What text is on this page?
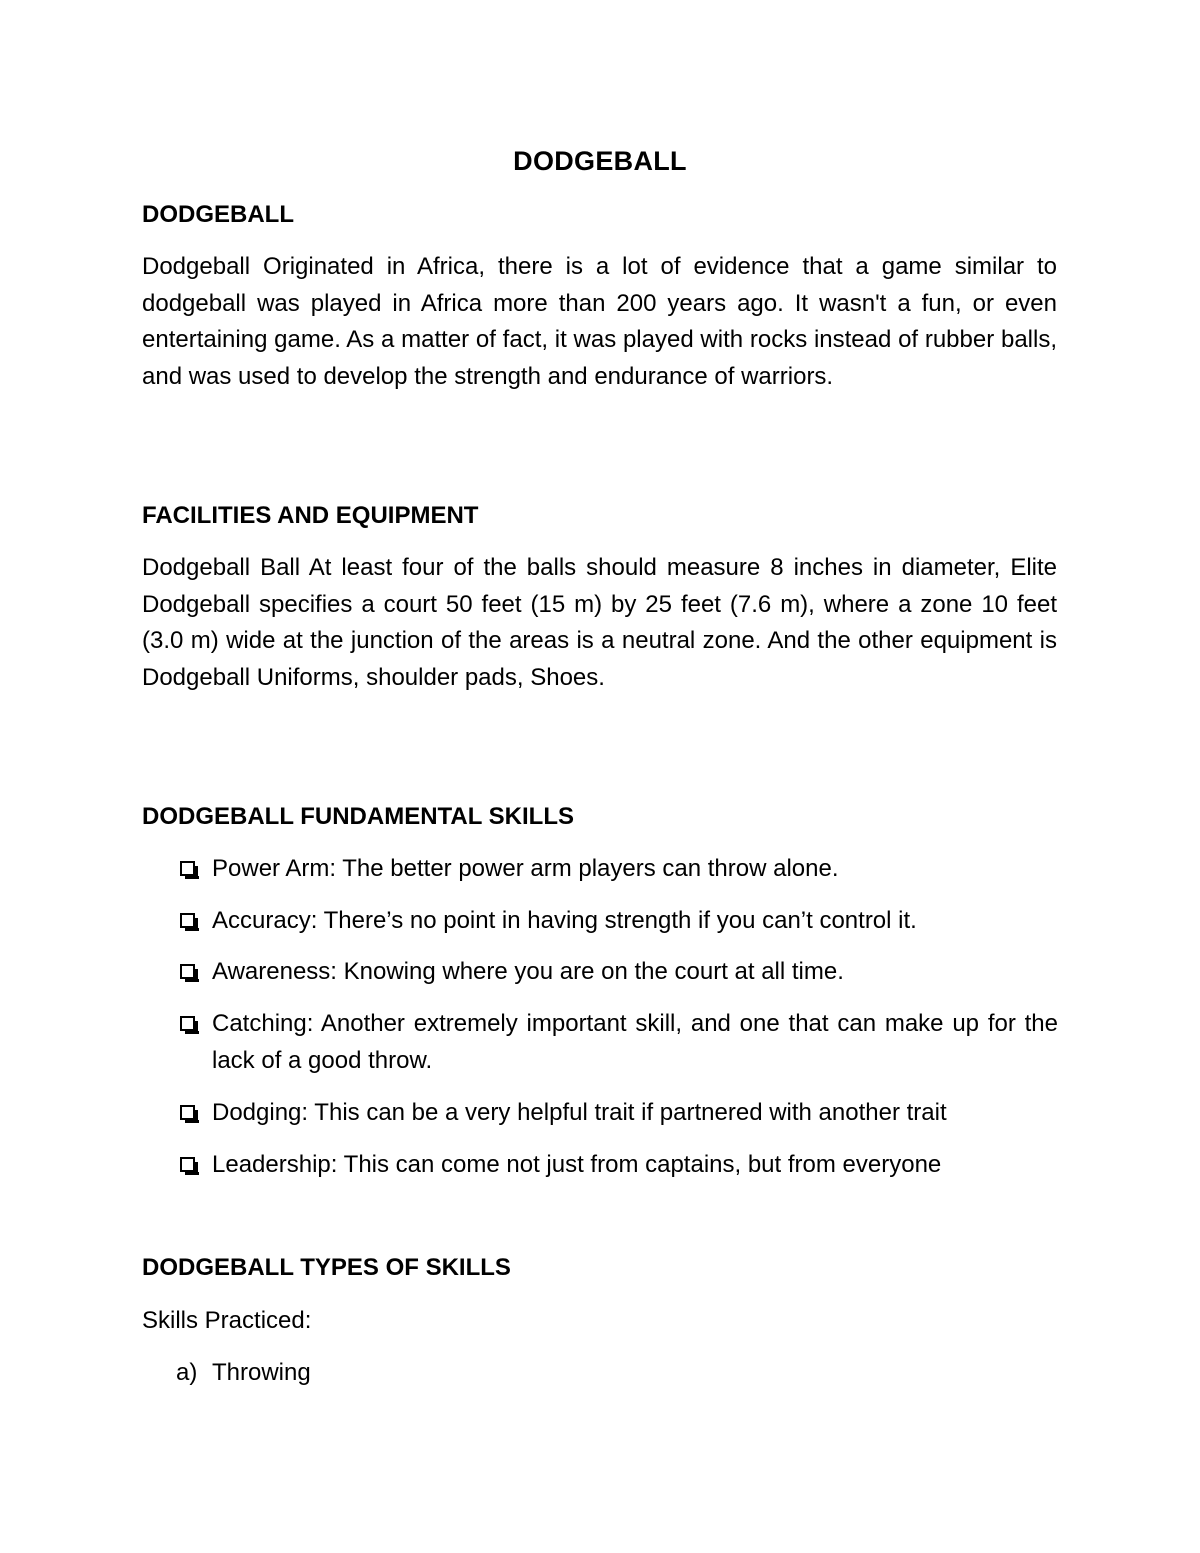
DODGEBALL
DODGEBALL
Dodgeball Originated in Africa, there is a lot of evidence that a game similar to dodgeball was played in Africa more than 200 years ago. It wasn't a fun, or even entertaining game. As a matter of fact, it was played with rocks instead of rubber balls, and was used to develop the strength and endurance of warriors.
FACILITIES AND EQUIPMENT
Dodgeball Ball At least four of the balls should measure 8 inches in diameter, Elite Dodgeball specifies a court 50 feet (15 m) by 25 feet (7.6 m), where a zone 10 feet (3.0 m) wide at the junction of the areas is a neutral zone. And the other equipment is Dodgeball Uniforms, shoulder pads, Shoes.
DODGEBALL FUNDAMENTAL SKILLS
Power Arm: The better power arm players can throw alone.
Accuracy: There’s no point in having strength if you can’t control it.
Awareness: Knowing where you are on the court at all time.
Catching: Another extremely important skill, and one that can make up for the lack of a good throw.
Dodging: This can be a very helpful trait if partnered with another trait
Leadership: This can come not just from captains, but from everyone
DODGEBALL TYPES OF SKILLS
Skills Practiced:
a) Throwing
